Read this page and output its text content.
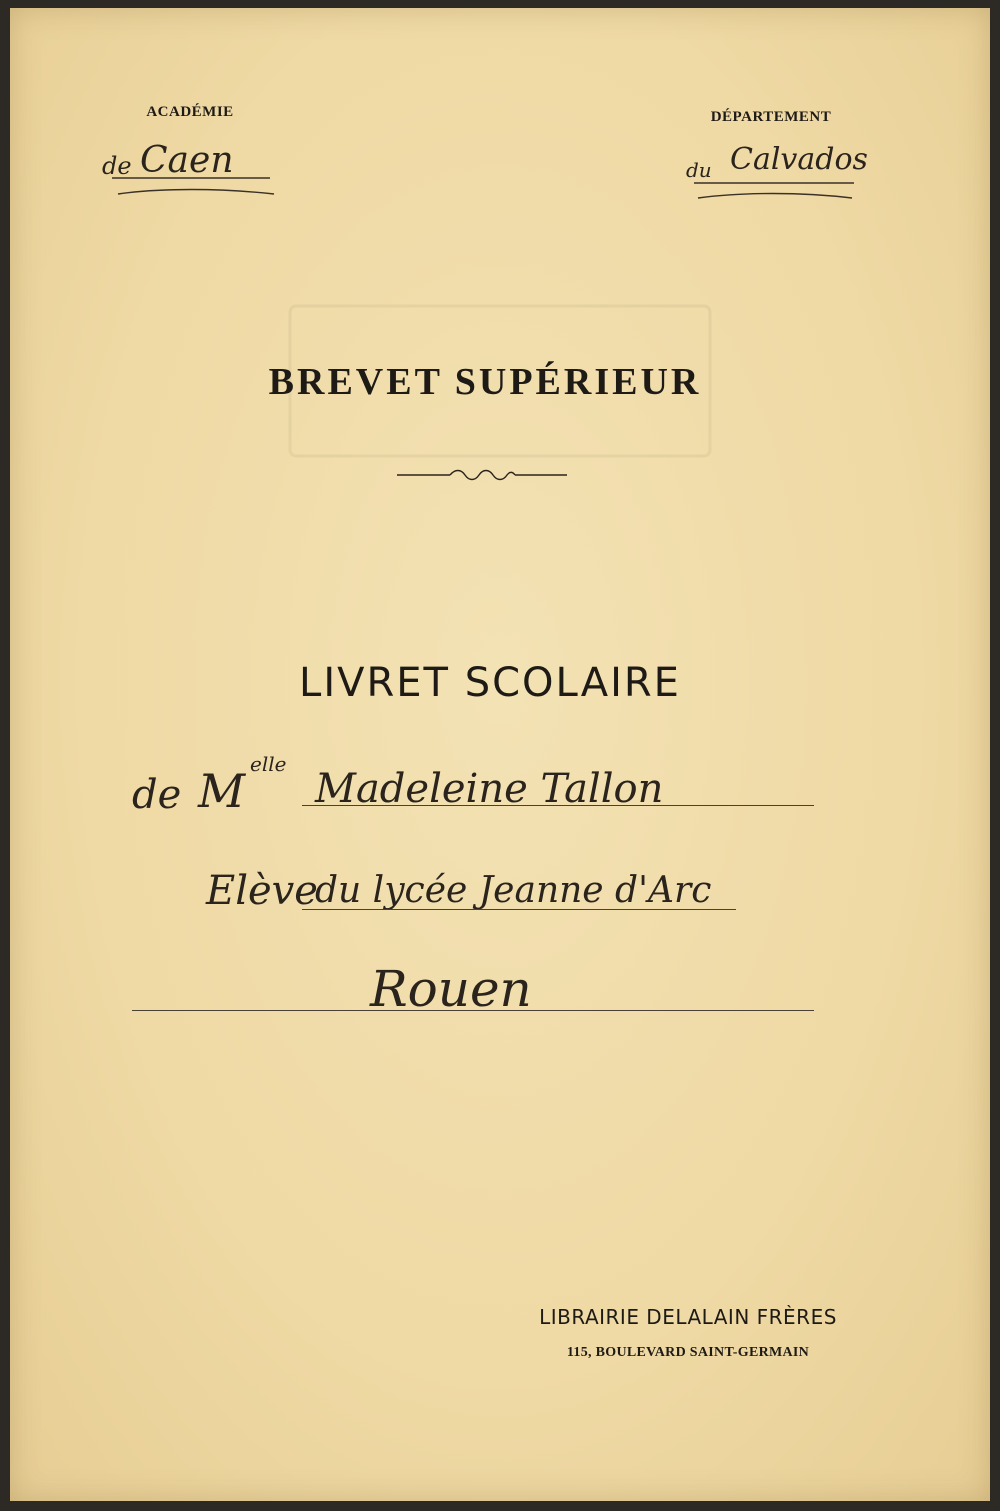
ACADÉMIE
de Caen
DÉPARTEMENT
du Calvados
BREVET SUPÉRIEUR
LIVRET SCOLAIRE
de M elle
Madeleine Tallon
Elève
du lycée Jeanne d'Arc
Rouen
LIBRAIRIE DELALAIN FRÈRES
115, BOULEVARD SAINT-GERMAIN
